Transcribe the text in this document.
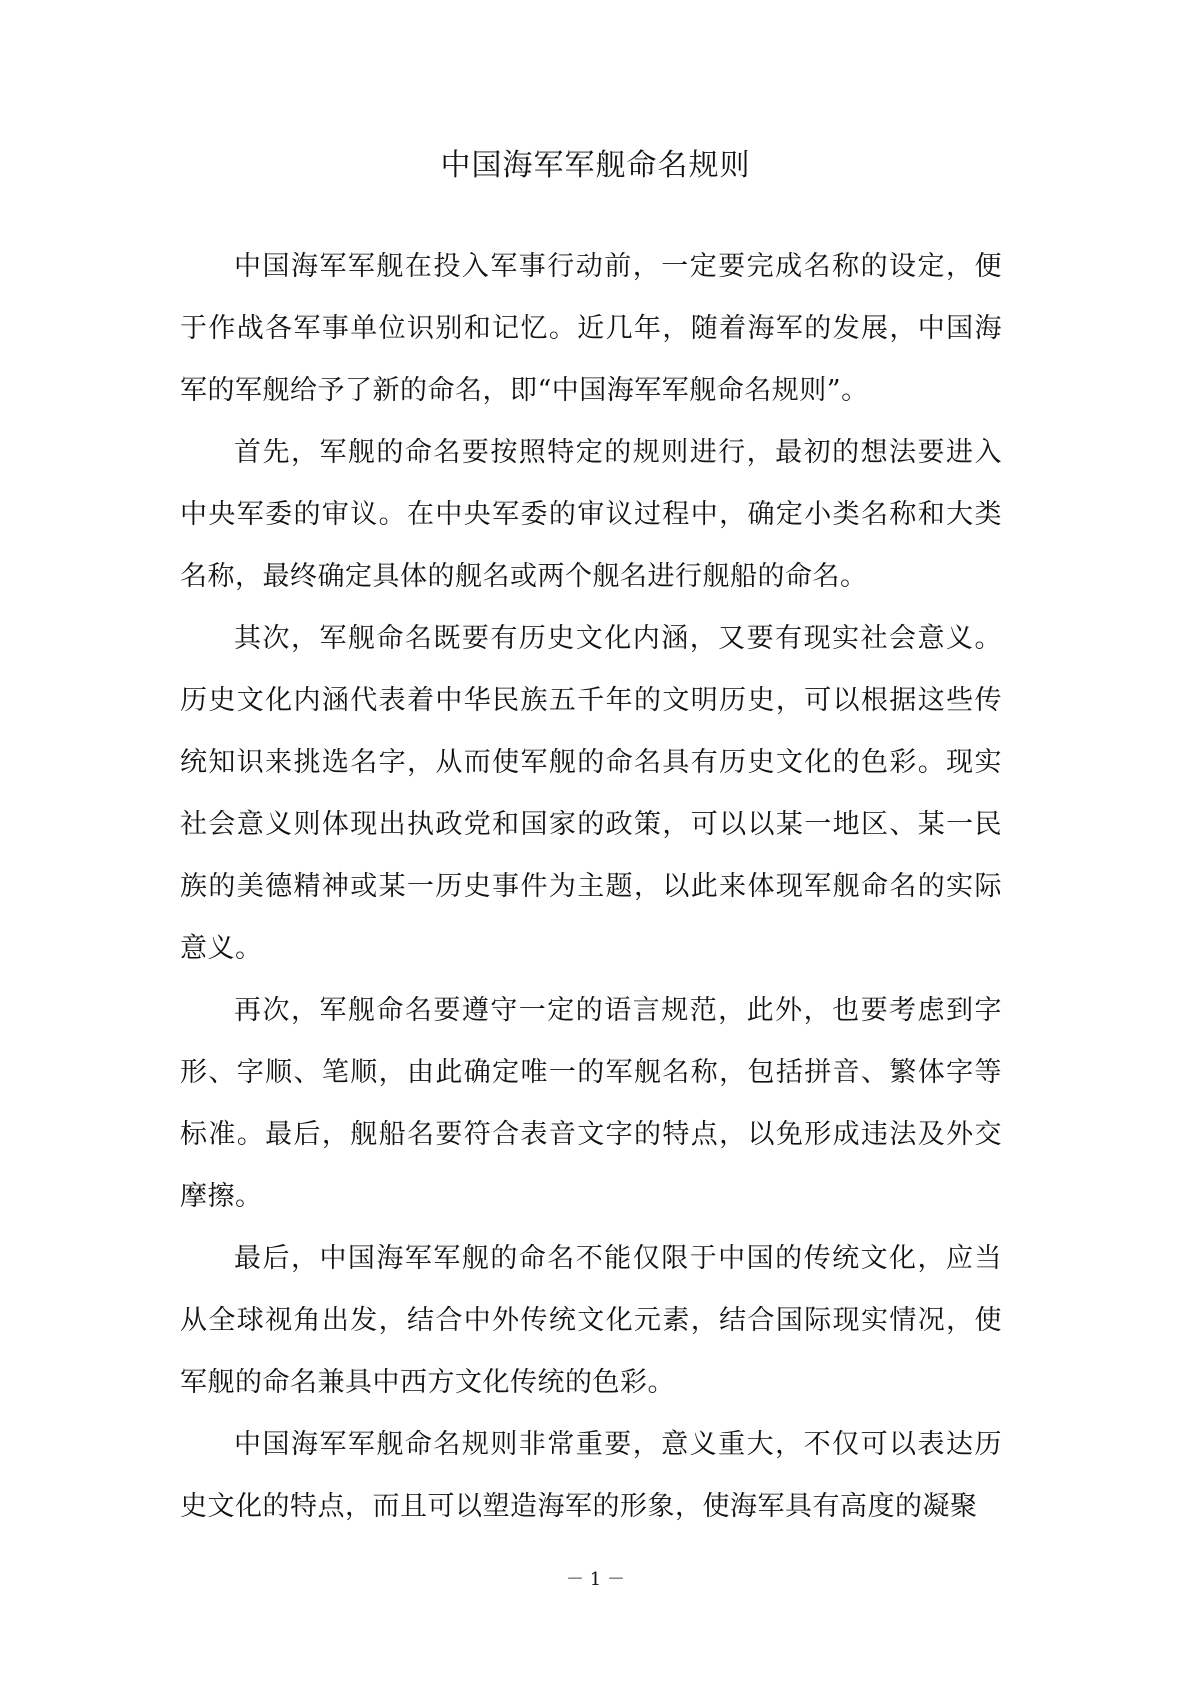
中国海军军舰命名规则

中国海军军舰在投入军事行动前，一定要完成名称的设定，便于作战各军事单位识别和记忆。近几年，随着海军的发展，中国海军的军舰给予了新的命名，即“中国海军军舰命名规则”。

首先，军舰的命名要按照特定的规则进行，最初的想法要进入中央军委的审议。在中央军委的审议过程中，确定小类名称和大类名称，最终确定具体的舰名或两个舰名进行舰船的命名。

其次，军舰命名既要有历史文化内涵，又要有现实社会意义。历史文化内涵代表着中华民族五千年的文明历史，可以根据这些传统知识来挑选名字，从而使军舰的命名具有历史文化的色彩。现实社会意义则体现出执政党和国家的政策，可以以某一地区、某一民族的美德精神或某一历史事件为主题，以此来体现军舰命名的实际意义。

再次，军舰命名要遵守一定的语言规范，此外，也要考虑到字形、字顺、笔顺，由此确定唯一的军舰名称，包括拼音、繁体字等标准。最后，舰船名要符合表音文字的特点，以免形成违法及外交摩擦。

最后，中国海军军舰的命名不能仅限于中国的传统文化，应当从全球视角出发，结合中外传统文化元素，结合国际现实情况，使军舰的命名兼具中西方文化传统的色彩。

中国海军军舰命名规则非常重要，意义重大，不仅可以表达历史文化的特点，而且可以塑造海军的形象，使海军具有高度的凝聚

－ 1 －
